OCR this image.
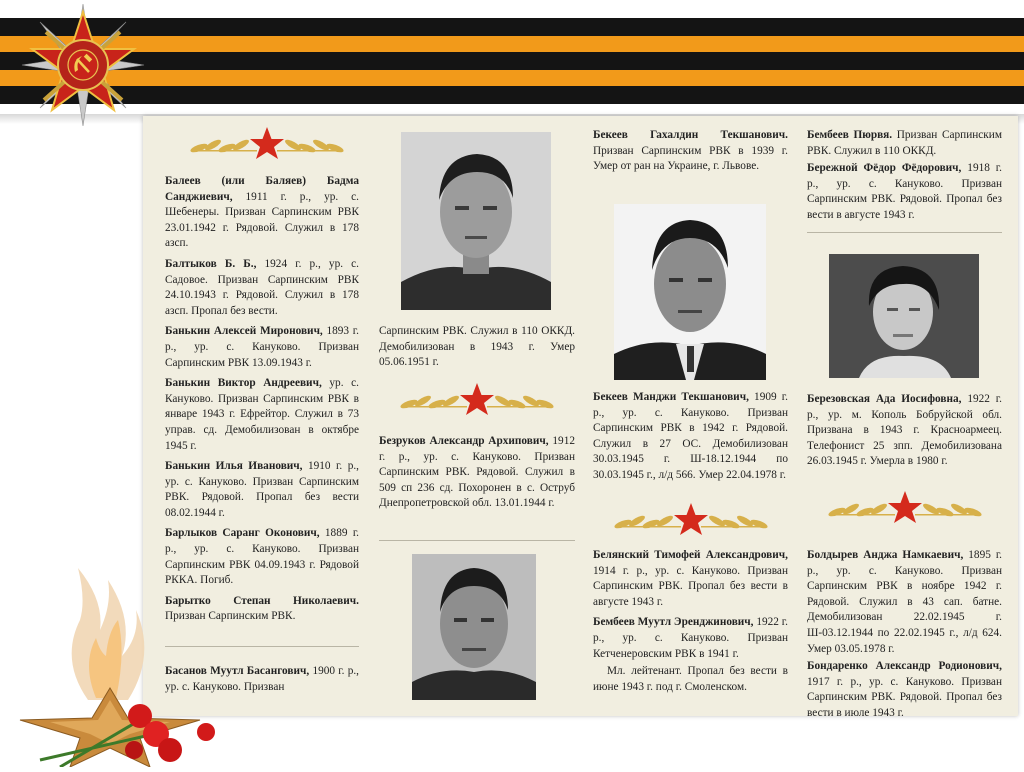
Балеев (или Баляев) Бадма Санджиевич, 1911 г. р., ур. с. Шебенеры. Призван Сарпинским РВК 23.01.1942 г. Рядовой. Служил в 178 азсп.

Балтыков Б. Б., 1924 г. р., ур. с. Садовое. Призван Сарпинским РВК 24.10.1943 г. Рядовой. Служил в 178 азсп. Пропал без вести.

Банькин Алексей Миронович, 1893 г. р., ур. с. Кануково. Призван Сарпинским РВК 13.09.1943 г.

Банькин Виктор Андреевич, ур. с. Кануково. Призван Сарпинским РВК в январе 1943 г. Ефрейтор. Служил в 73 управ. сд. Демобилизован в октябре 1945 г.

Банькин Илья Иванович, 1910 г. р., ур. с. Кануково. Призван Сарпинским РВК. Рядовой. Пропал без вести 08.02.1944 г.

Барлыков Саранг Оконович, 1889 г. р., ур. с. Кануково. Призван Сарпинским РВК 04.09.1943 г. Рядовой РККА. Погиб.

Барытко Степан Николаевич. Призван Сарпинским РВК.

Басанов Муутл Басангович, 1900 г. р., ур. с. Кануково. Призван

Сарпинским РВК. Служил в 110 ОККД. Демобилизован в 1943 г. Умер 05.06.1951 г.

Безруков Александр Архипович, 1912 г. р., ур. с. Кануково. Призван Сарпинским РВК. Рядовой. Служил в 509 сп 236 сд. Похоронен в с. Оструб Днепропетровской обл. 13.01.1944 г.

Бекеев Гахалдин Текшанович. Призван Сарпинским РВК в 1939 г. Умер от ран на Украине, г. Львове.

Бекеев Манджи Текшанович, 1909 г. р., ур. с. Кануково. Призван Сарпинским РВК в 1942 г. Рядовой. Служил в 27 ОС. Демобилизован 30.03.1945 г. Ш-18.12.1944 по 30.03.1945 г., л/д 566. Умер 22.04.1978 г.

Белянский Тимофей Александрович, 1914 г. р., ур. с. Кануково. Призван Сарпинским РВК. Пропал без вести в августе 1943 г.

Бембеев Муутл Эренджинович, 1922 г. р., ур. с. Кануково. Призван Кетченеровским РВК в 1941 г.

Мл. лейтенант. Пропал без вести в июне 1943 г. под г. Смоленском.

Бембеев Пюрвя. Призван Сарпинским РВК. Служил в 110 ОККД.

Бережной Фёдор Фёдорович, 1918 г. р., ур. с. Кануково. Призван Сарпинским РВК. Рядовой. Пропал без вести в августе 1943 г.

Березовская Ада Иосифовна, 1922 г. р., ур. м. Кополь Бобруйской обл. Призвана в 1943 г. Красноармеец. Телефонист 25 зпп. Демобилизована 26.03.1945 г. Умерла в 1980 г.

Болдырев Анджа Намкаевич, 1895 г. р., ур. с. Кануково. Призван Сарпинским РВК в ноябре 1942 г. Рядовой. Служил в 43 сап. батне. Демобилизован 22.02.1945 г. Ш-03.12.1944 по 22.02.1945 г., л/д 624. Умер 03.05.1978 г.

Бондаренко Александр Родионович, 1917 г. р., ур. с. Кануково. Призван Сарпинским РВК. Рядовой. Пропал без вести в июле 1943 г.
